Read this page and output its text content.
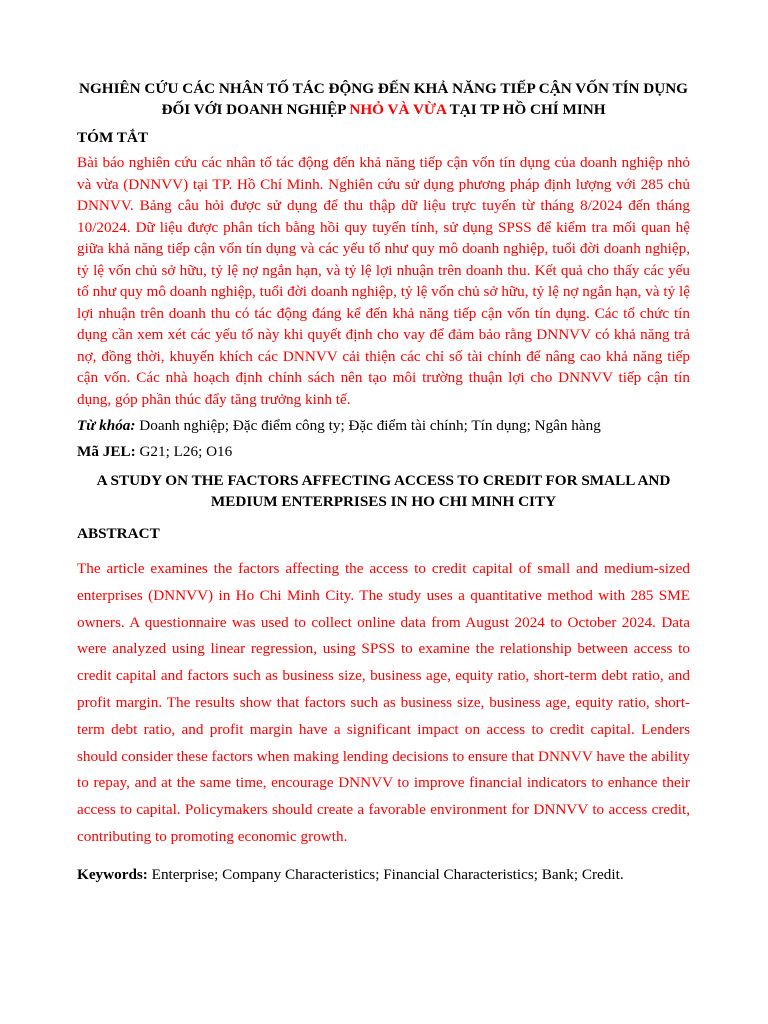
NGHIÊN CỨU CÁC NHÂN TỐ TÁC ĐỘNG ĐẾN KHẢ NĂNG TIẾP CẬN VỐN TÍN DỤNG ĐỐI VỚI DOANH NGHIỆP NHỎ VÀ VỪA TẠI TP HỒ CHÍ MINH
TÓM TẮT

Bài báo nghiên cứu các nhân tố tác động đến khả năng tiếp cận vốn tín dụng của doanh nghiệp nhỏ và vừa (DNNVV) tại TP. Hồ Chí Minh. Nghiên cứu sử dụng phương pháp định lượng với 285 chủ DNNVV. Bảng câu hỏi được sử dụng để thu thập dữ liệu trực tuyến từ tháng 8/2024 đến tháng 10/2024. Dữ liệu được phân tích bằng hồi quy tuyến tính, sử dụng SPSS để kiểm tra mối quan hệ giữa khả năng tiếp cận vốn tín dụng và các yếu tố như quy mô doanh nghiệp, tuổi đời doanh nghiệp, tỷ lệ vốn chủ sở hữu, tỷ lệ nợ ngắn hạn, và tỷ lệ lợi nhuận trên doanh thu. Kết quả cho thấy các yếu tố như quy mô doanh nghiệp, tuổi đời doanh nghiệp, tỷ lệ vốn chủ sở hữu, tỷ lệ nợ ngắn hạn, và tỷ lệ lợi nhuận trên doanh thu có tác động đáng kể đến khả năng tiếp cận vốn tín dụng. Các tổ chức tín dụng cần xem xét các yếu tố này khi quyết định cho vay để đảm bảo rằng DNNVV có khả năng trả nợ, đồng thời, khuyến khích các DNNVV cải thiện các chỉ số tài chính để nâng cao khả năng tiếp cận vốn. Các nhà hoạch định chính sách nên tạo môi trường thuận lợi cho DNNVV tiếp cận tín dụng, góp phần thúc đẩy tăng trưởng kinh tế.

Từ khóa: Doanh nghiệp; Đặc điểm công ty; Đặc điểm tài chính; Tín dụng; Ngân hàng

Mã JEL: G21; L26; O16

A STUDY ON THE FACTORS AFFECTING ACCESS TO CREDIT FOR SMALL AND MEDIUM ENTERPRISES IN HO CHI MINH CITY
ABSTRACT

The article examines the factors affecting the access to credit capital of small and medium-sized enterprises (DNNVV) in Ho Chi Minh City. The study uses a quantitative method with 285 SME owners. A questionnaire was used to collect online data from August 2024 to October 2024. Data were analyzed using linear regression, using SPSS to examine the relationship between access to credit capital and factors such as business size, business age, equity ratio, short-term debt ratio, and profit margin. The results show that factors such as business size, business age, equity ratio, short-term debt ratio, and profit margin have a significant impact on access to credit capital. Lenders should consider these factors when making lending decisions to ensure that DNNVV have the ability to repay, and at the same time, encourage DNNVV to improve financial indicators to enhance their access to capital. Policymakers should create a favorable environment for DNNVV to access credit, contributing to promoting economic growth.

Keywords: Enterprise; Company Characteristics; Financial Characteristics; Bank; Credit.
